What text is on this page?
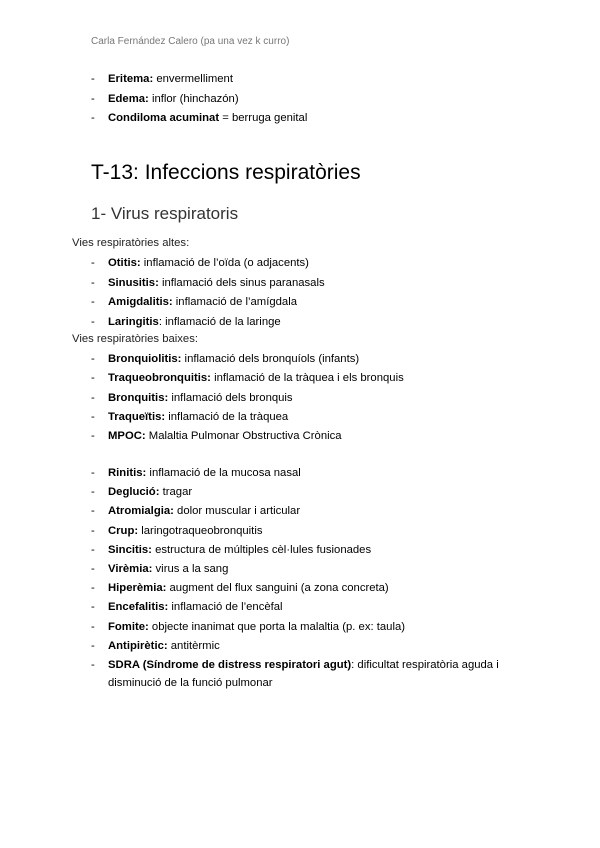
Carla Fernández Calero (pa una vez k curro)
-	Eritema: envermelliment
-	Edema: inflor (hinchazón)
-	Condiloma acuminat = berruga genital
T-13: Infeccions respiratòries
1- Virus respiratoris
Vies respiratòries altes:
-	Otitis: inflamació de l’oïda (o adjacents)
-	Sinusitis: inflamació dels sinus paranasals
-	Amigdalitis: inflamació de l’amígdala
-	Laringitis: inflamació de la laringe
Vies respiratòries baixes:
-	Bronquiolitis: inflamació dels bronquíols (infants)
-	Traqueobronquitis: inflamació de la tràquea i els bronquis
-	Bronquitis: inflamació dels bronquis
-	Traqueïtis: inflamació de la tràquea
-	MPOC: Malaltia Pulmonar Obstructiva Crònica
-	Rinitis: inflamació de la mucosa nasal
-	Deglució: tragar
-	Atromialgia: dolor muscular i articular
-	Crup: laringotraqueobronquitis
-	Sincitis: estructura de múltiples cèl·lules fusionades
-	Virèmia: virus a la sang
-	Hiperèmia: augment del flux sanguini (a zona concreta)
-	Encefalitis: inflamació de l’encèfal
-	Fomite: objecte inanimat que porta la malaltia (p. ex: taula)
-	Antipirètic: antitèrmic
-	SDRA (Síndrome de distress respiratori agut): dificultat respiratòria aguda i
disminució de la funció pulmonar
